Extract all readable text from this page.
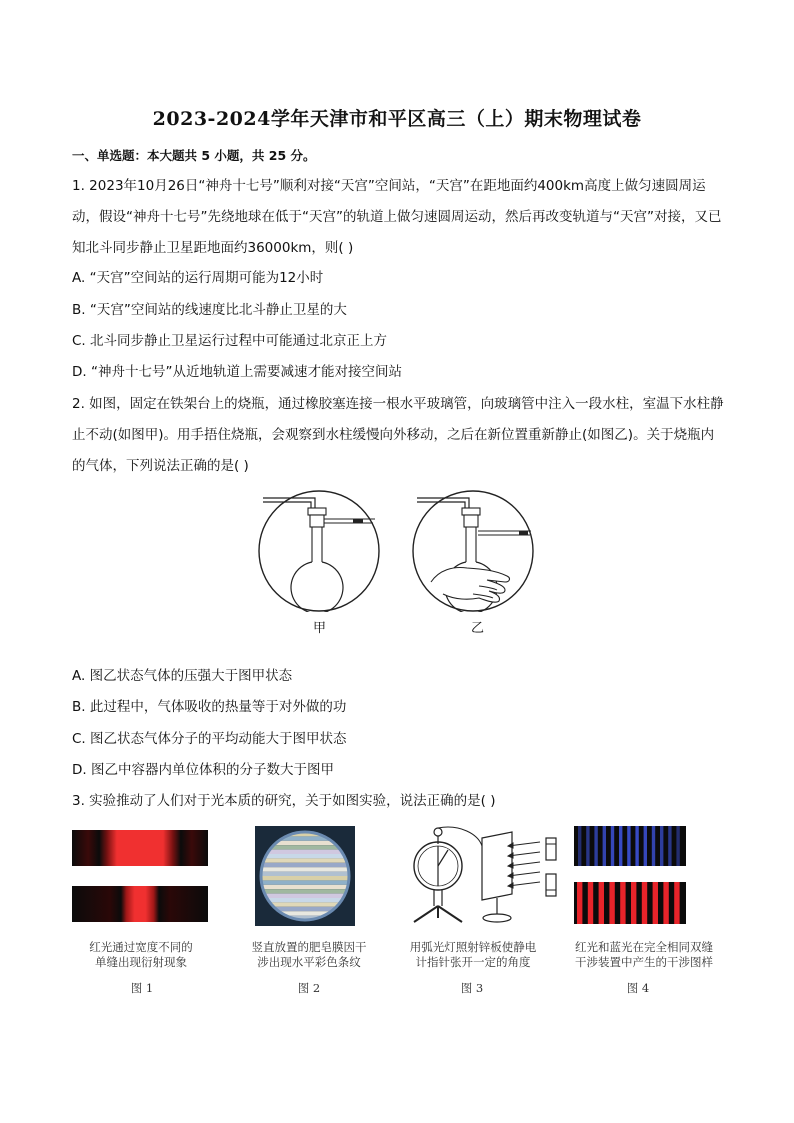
2023-2024学年天津市和平区高三（上）期末物理试卷
一、单选题：本大题共 5 小题，共 25 分。
1. 2023年10月26日“神舟十七号”顺利对接“天宫”空间站，“天宫”在距地面约400km高度上做匀速圆周运动，假设“神舟十七号”先绕地球在低于“天宫”的轨道上做匀速圆周运动，然后再改变轨道与“天宫”对接，又已知北斗同步静止卫星距地面约36000km，则( )
A. “天宫”空间站的运行周期可能为12小时
B. “天宫”空间站的线速度比北斗静止卫星的大
C. 北斗同步静止卫星运行过程中可能通过北京正上方
D. “神舟十七号”从近地轨道上需要减速才能对接空间站
2. 如图，固定在铁架台上的烧瓶，通过橡胶塞连接一根水平玻璃管，向玻璃管中注入一段水柱，室温下水柱静止不动(如图甲)。用手捂住烧瓶，会观察到水柱缓慢向外移动，之后在新位置重新静止(如图乙)。关于烧瓶内的气体，下列说法正确的是( )
甲	乙
A. 图乙状态气体的压强大于图甲状态
B. 此过程中，气体吸收的热量等于对外做的功
C. 图乙状态气体分子的平均动能大于图甲状态
D. 图乙中容器内单位体积的分子数大于图甲
3. 实验推动了人们对于光本质的研究，关于如图实验，说法正确的是( )
红光通过宽度不同的
单缝出现衍射现象
竖直放置的肥皂膜因干
涉出现水平彩色条纹
用弧光灯照射锌板使静电
计指针张开一定的角度
红光和蓝光在完全相同双缝
干涉装置中产生的干涉图样
图 1	图 2	图 3	图 4
